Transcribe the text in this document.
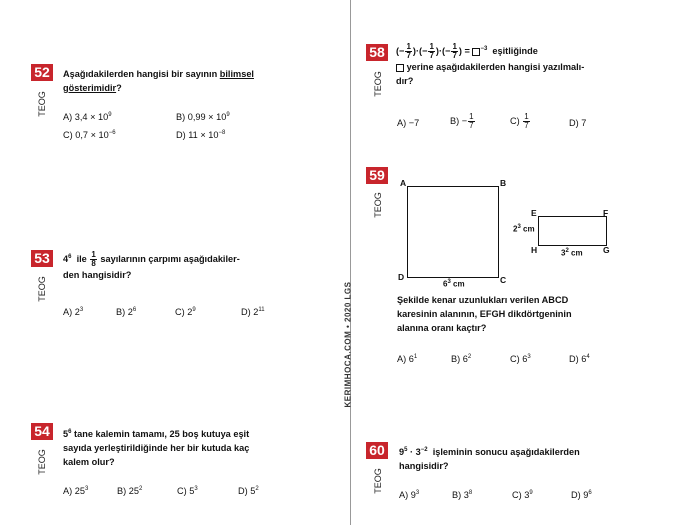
KERIMHOCA.COM • 2020 LGS
52
TEOG
Aşağıdakilerden hangisi bir sayının bilimsel
gösterimidir?
A) $3,4 \times 10^9$	B) $0,99 \times 10^9$
C) $0,7 \times 10^{-6}$	D) $11 \times 10^{-8}$
53
TEOG
$4^6$ ile $\frac{1}{8}$ sayılarının çarpımı aşağıdakiler-
den hangisidir?
A) $2^3$	B) $2^6$	C) $2^9$	D) $2^{11}$
54
TEOG
$5^6$ tane kalemin tamamı, 25 boş kutuya eşit
sayıda yerleştirildiğinde her bir kutuda kaç
kalem olur?
A) $25^3$	B) $25^2$	C) $5^3$	D) $5^2$
58
TEOG
(− $\frac{1}{7}$ )·(− $\frac{1}{7}$ )·(− $\frac{1}{7}$ ) = $^{-3}$ eşitliğinde
yerine aşağıdakilerden hangisi yazılmalı-
dır?
A) −7	$B) - \frac{1}{7}$	$C) \frac{1}{7}$	D) 7
59
TEOG
A	B
C
D
$6^3$ cm
E	F
G
H
$2^3$ cm
$3^2$ cm
Şekilde kenar uzunlukları verilen ABCD
karesinin alanının, EFGH dikdörtgeninin
alanına oranı kaçtır?
A) $6^1$	B) $6^2$	C) $6^3$	D) $6^4$
60
TEOG
$9^5 \cdot 3^{-2}$ işleminin sonucu aşağıdakilerden
hangisidir?
A) $9^3$	B) $3^8$	C) $3^9$	D) $9^6$
